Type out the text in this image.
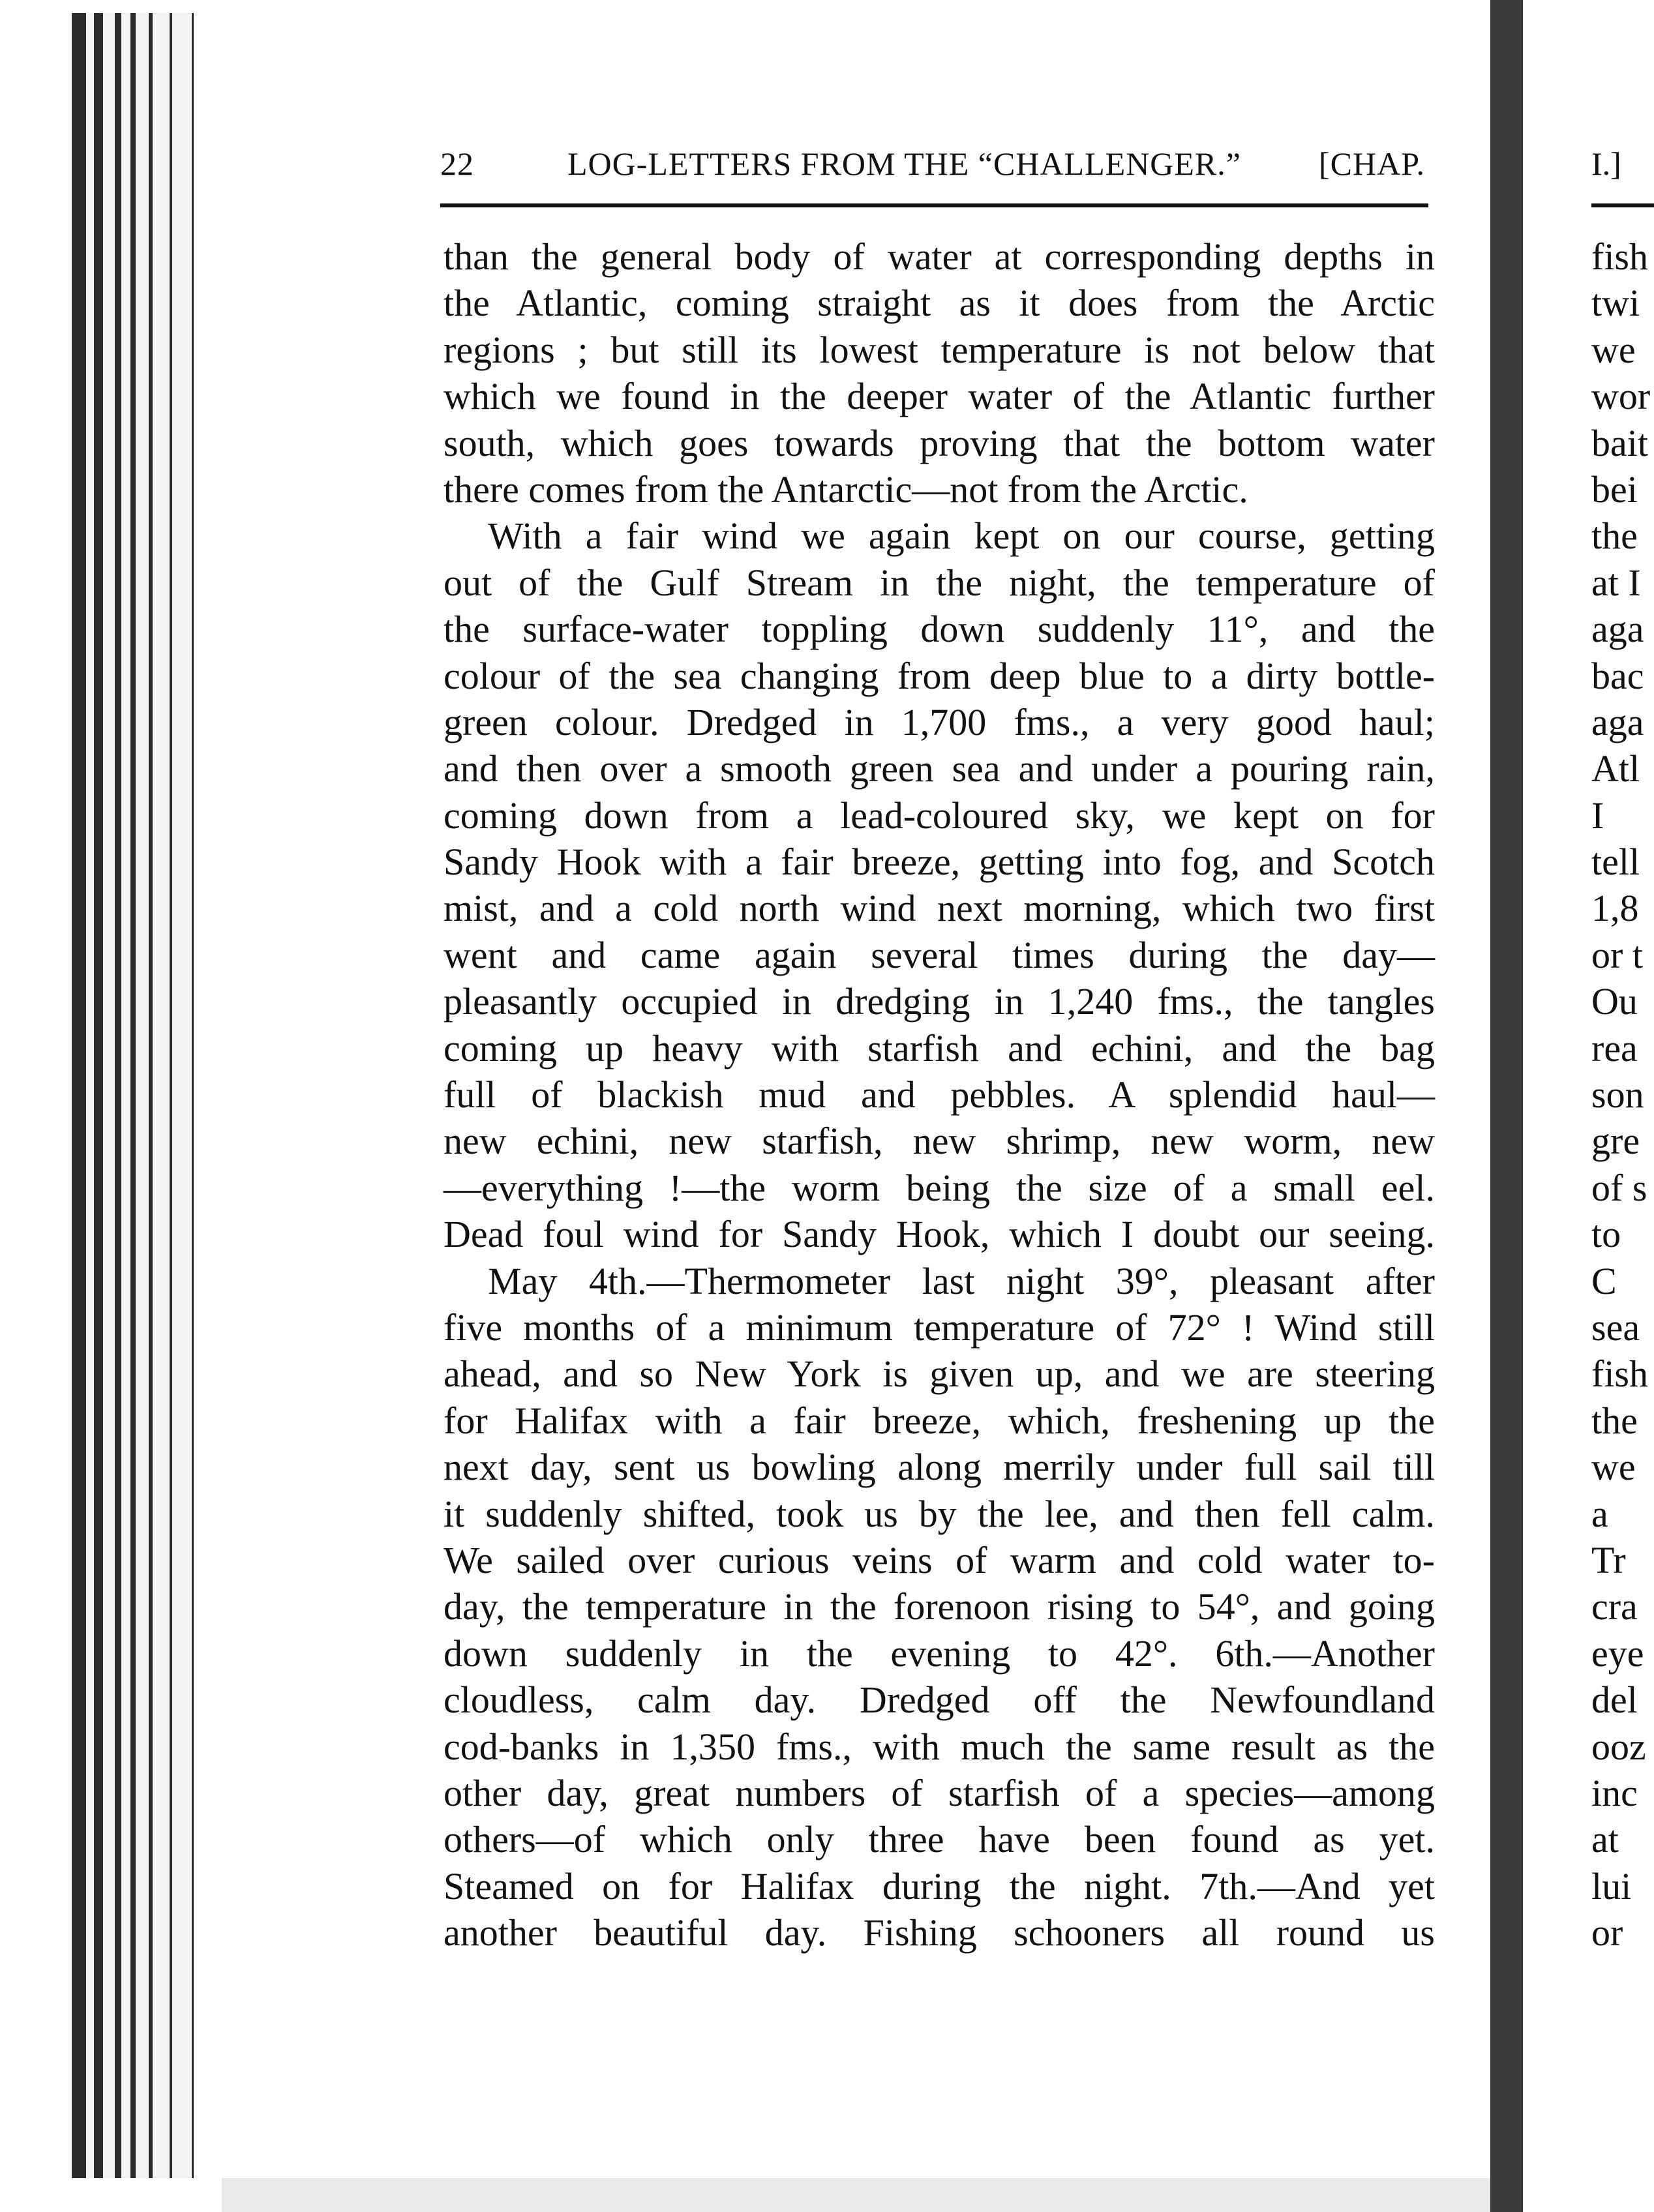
22	LOG-LETTERS FROM THE “CHALLENGER.” [CHAP.
than the general body of water at corresponding depths in
the Atlantic, coming straight as it does from the Arctic
regions ; but still its lowest temperature is not below that
which we found in the deeper water of the Atlantic further
south, which goes towards proving that the bottom water
there comes from the Antarctic—not from the Arctic.
With a fair wind we again kept on our course, getting
out of the Gulf Stream in the night, the temperature of
the surface-water toppling down suddenly 11°, and the
colour of the sea changing from deep blue to a dirty bottle-
green colour. Dredged in 1,700 fms., a very good haul;
and then over a smooth green sea and under a pouring rain,
coming down from a lead-coloured sky, we kept on for
Sandy Hook with a fair breeze, getting into fog, and Scotch
mist, and a cold north wind next morning, which two first
went and came again several times during the day—
pleasantly occupied in dredging in 1,240 fms., the tangles
coming up heavy with starfish and echini, and the bag
full of blackish mud and pebbles. A splendid haul—
new echini, new starfish, new shrimp, new worm, new
—everything !—the worm being the size of a small eel.
Dead foul wind for Sandy Hook, which I doubt our seeing.
May 4th.—Thermometer last night 39°, pleasant after
five months of a minimum temperature of 72° ! Wind still
ahead, and so New York is given up, and we are steering
for Halifax with a fair breeze, which, freshening up the
next day, sent us bowling along merrily under full sail till
it suddenly shifted, took us by the lee, and then fell calm.
We sailed over curious veins of warm and cold water to-
day, the temperature in the forenoon rising to 54°, and going
down suddenly in the evening to 42°. 6th.—Another
cloudless, calm day. Dredged off the Newfoundland
cod-banks in 1,350 fms., with much the same result as the
other day, great numbers of starfish of a species—among
others—of which only three have been found as yet.
Steamed on for Halifax during the night. 7th.—And yet
another beautiful day. Fishing schooners all round us
I.]
fish
twi
we
wor
bait
bei
the
at I
aga
bac
aga
Atl
I
tell
1,8
or t
Ou
rea
son
gre
of s
to
C
sea
fish
the
we
a
Tr
cra
eye
del
ooz
inc
at
lui
or
